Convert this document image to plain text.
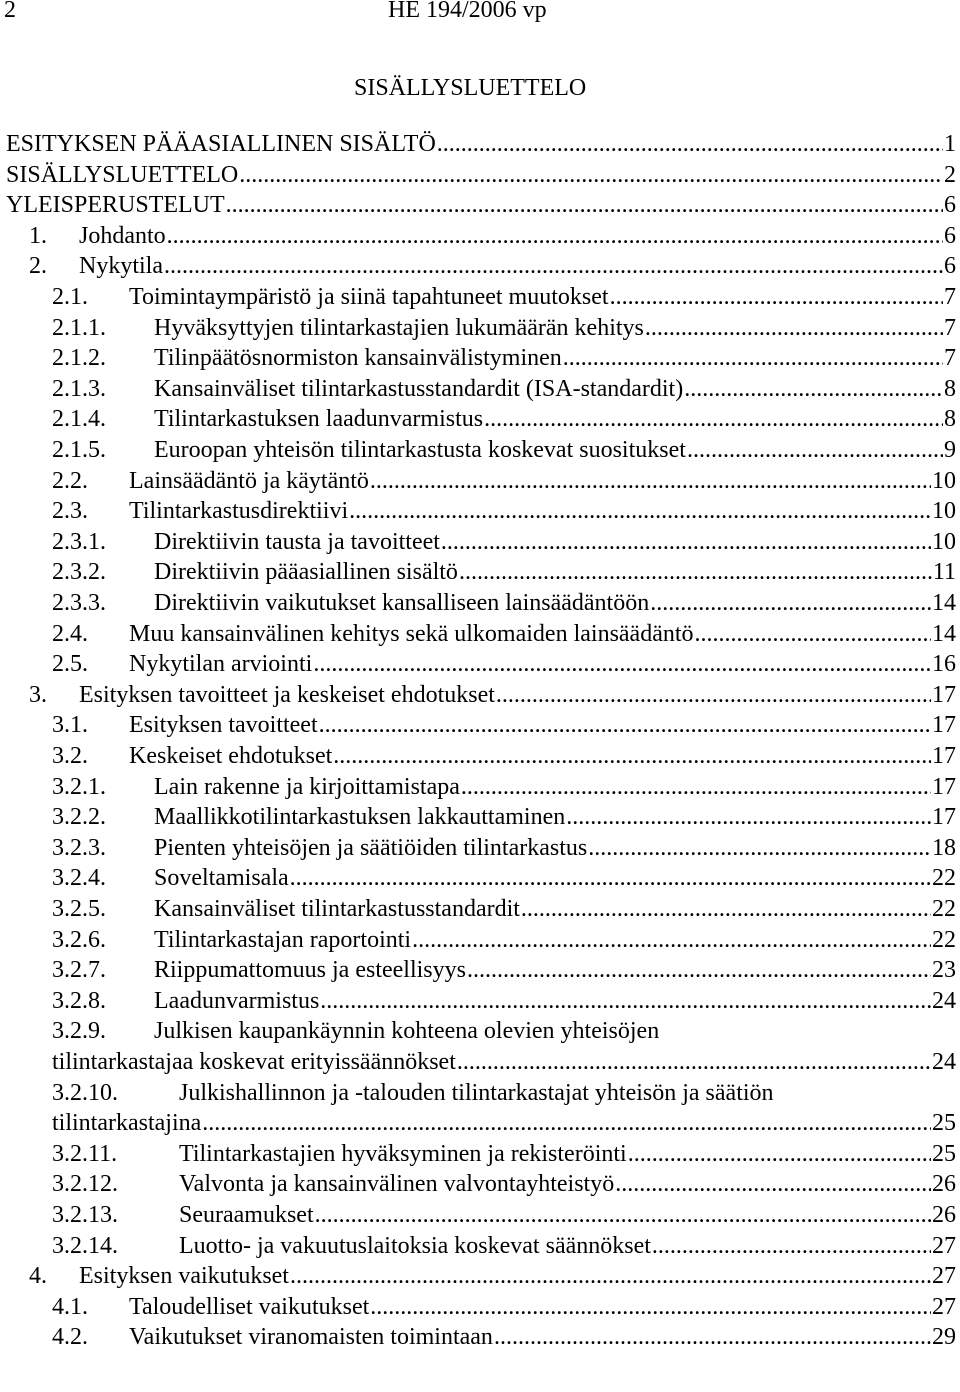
2	HE 194/2006 vp
SISÄLLYSLUETTELO
ESITYKSEN PÄÄASIALLINEN SISÄLTÖ .....	1
SISÄLLYSLUETTELO .....	2
YLEISPERUSTELUT .....	6
1.	Johdanto .....	6
2.	Nykytila .....	6
2.1.	Toimintaympäristö ja siinä tapahtuneet muutokset .....	7
2.1.1.	Hyväksyttyjen tilintarkastajien lukumäärän kehitys .....	7
2.1.2.	Tilinpäätösnormiston kansainvälistyminen .....	7
2.1.3.	Kansainväliset tilintarkastusstandardit (ISA-standardit) .....	8
2.1.4.	Tilintarkastuksen laadunvarmistus .....	8
2.1.5.	Euroopan yhteisön tilintarkastusta koskevat suositukset .....	9
2.2.	Lainsäädäntö ja käytäntö .....	10
2.3.	Tilintarkastusdirektiivi .....	10
2.3.1.	Direktiivin tausta ja tavoitteet .....	10
2.3.2.	Direktiivin pääasiallinen sisältö .....	11
2.3.3.	Direktiivin vaikutukset kansalliseen lainsäädäntöön .....	14
2.4.	Muu kansainvälinen kehitys sekä ulkomaiden lainsäädäntö .....	14
2.5.	Nykytilan arviointi .....	16
3.	Esityksen tavoitteet ja keskeiset ehdotukset .....	17
3.1.	Esityksen tavoitteet .....	17
3.2.	Keskeiset ehdotukset .....	17
3.2.1.	Lain rakenne ja kirjoittamistapa .....	17
3.2.2.	Maallikkotilintarkastuksen lakkauttaminen .....	17
3.2.3.	Pienten yhteisöjen ja säätiöiden tilintarkastus .....	18
3.2.4.	Soveltamisala .....	22
3.2.5.	Kansainväliset tilintarkastusstandardit .....	22
3.2.6.	Tilintarkastajan raportointi .....	22
3.2.7.	Riippumattomuus ja esteellisyys .....	23
3.2.8.	Laadunvarmistus .....	24
3.2.9.	Julkisen kaupankäynnin kohteena olevien yhteisöjen
tilintarkastajaa koskevat erityissäännökset .....	24
3.2.10.	Julkishallinnon ja -talouden tilintarkastajat yhteisön ja säätiön
tilintarkastajina .....	25
3.2.11.	Tilintarkastajien hyväksyminen ja rekisteröinti .....	25
3.2.12.	Valvonta ja kansainvälinen valvontayhteistyö .....	26
3.2.13.	Seuraamukset .....	26
3.2.14.	Luotto- ja vakuutuslaitoksia koskevat säännökset .....	27
4.	Esityksen vaikutukset .....	27
4.1.	Taloudelliset vaikutukset .....	27
4.2.	Vaikutukset viranomaisten toimintaan .....	29
